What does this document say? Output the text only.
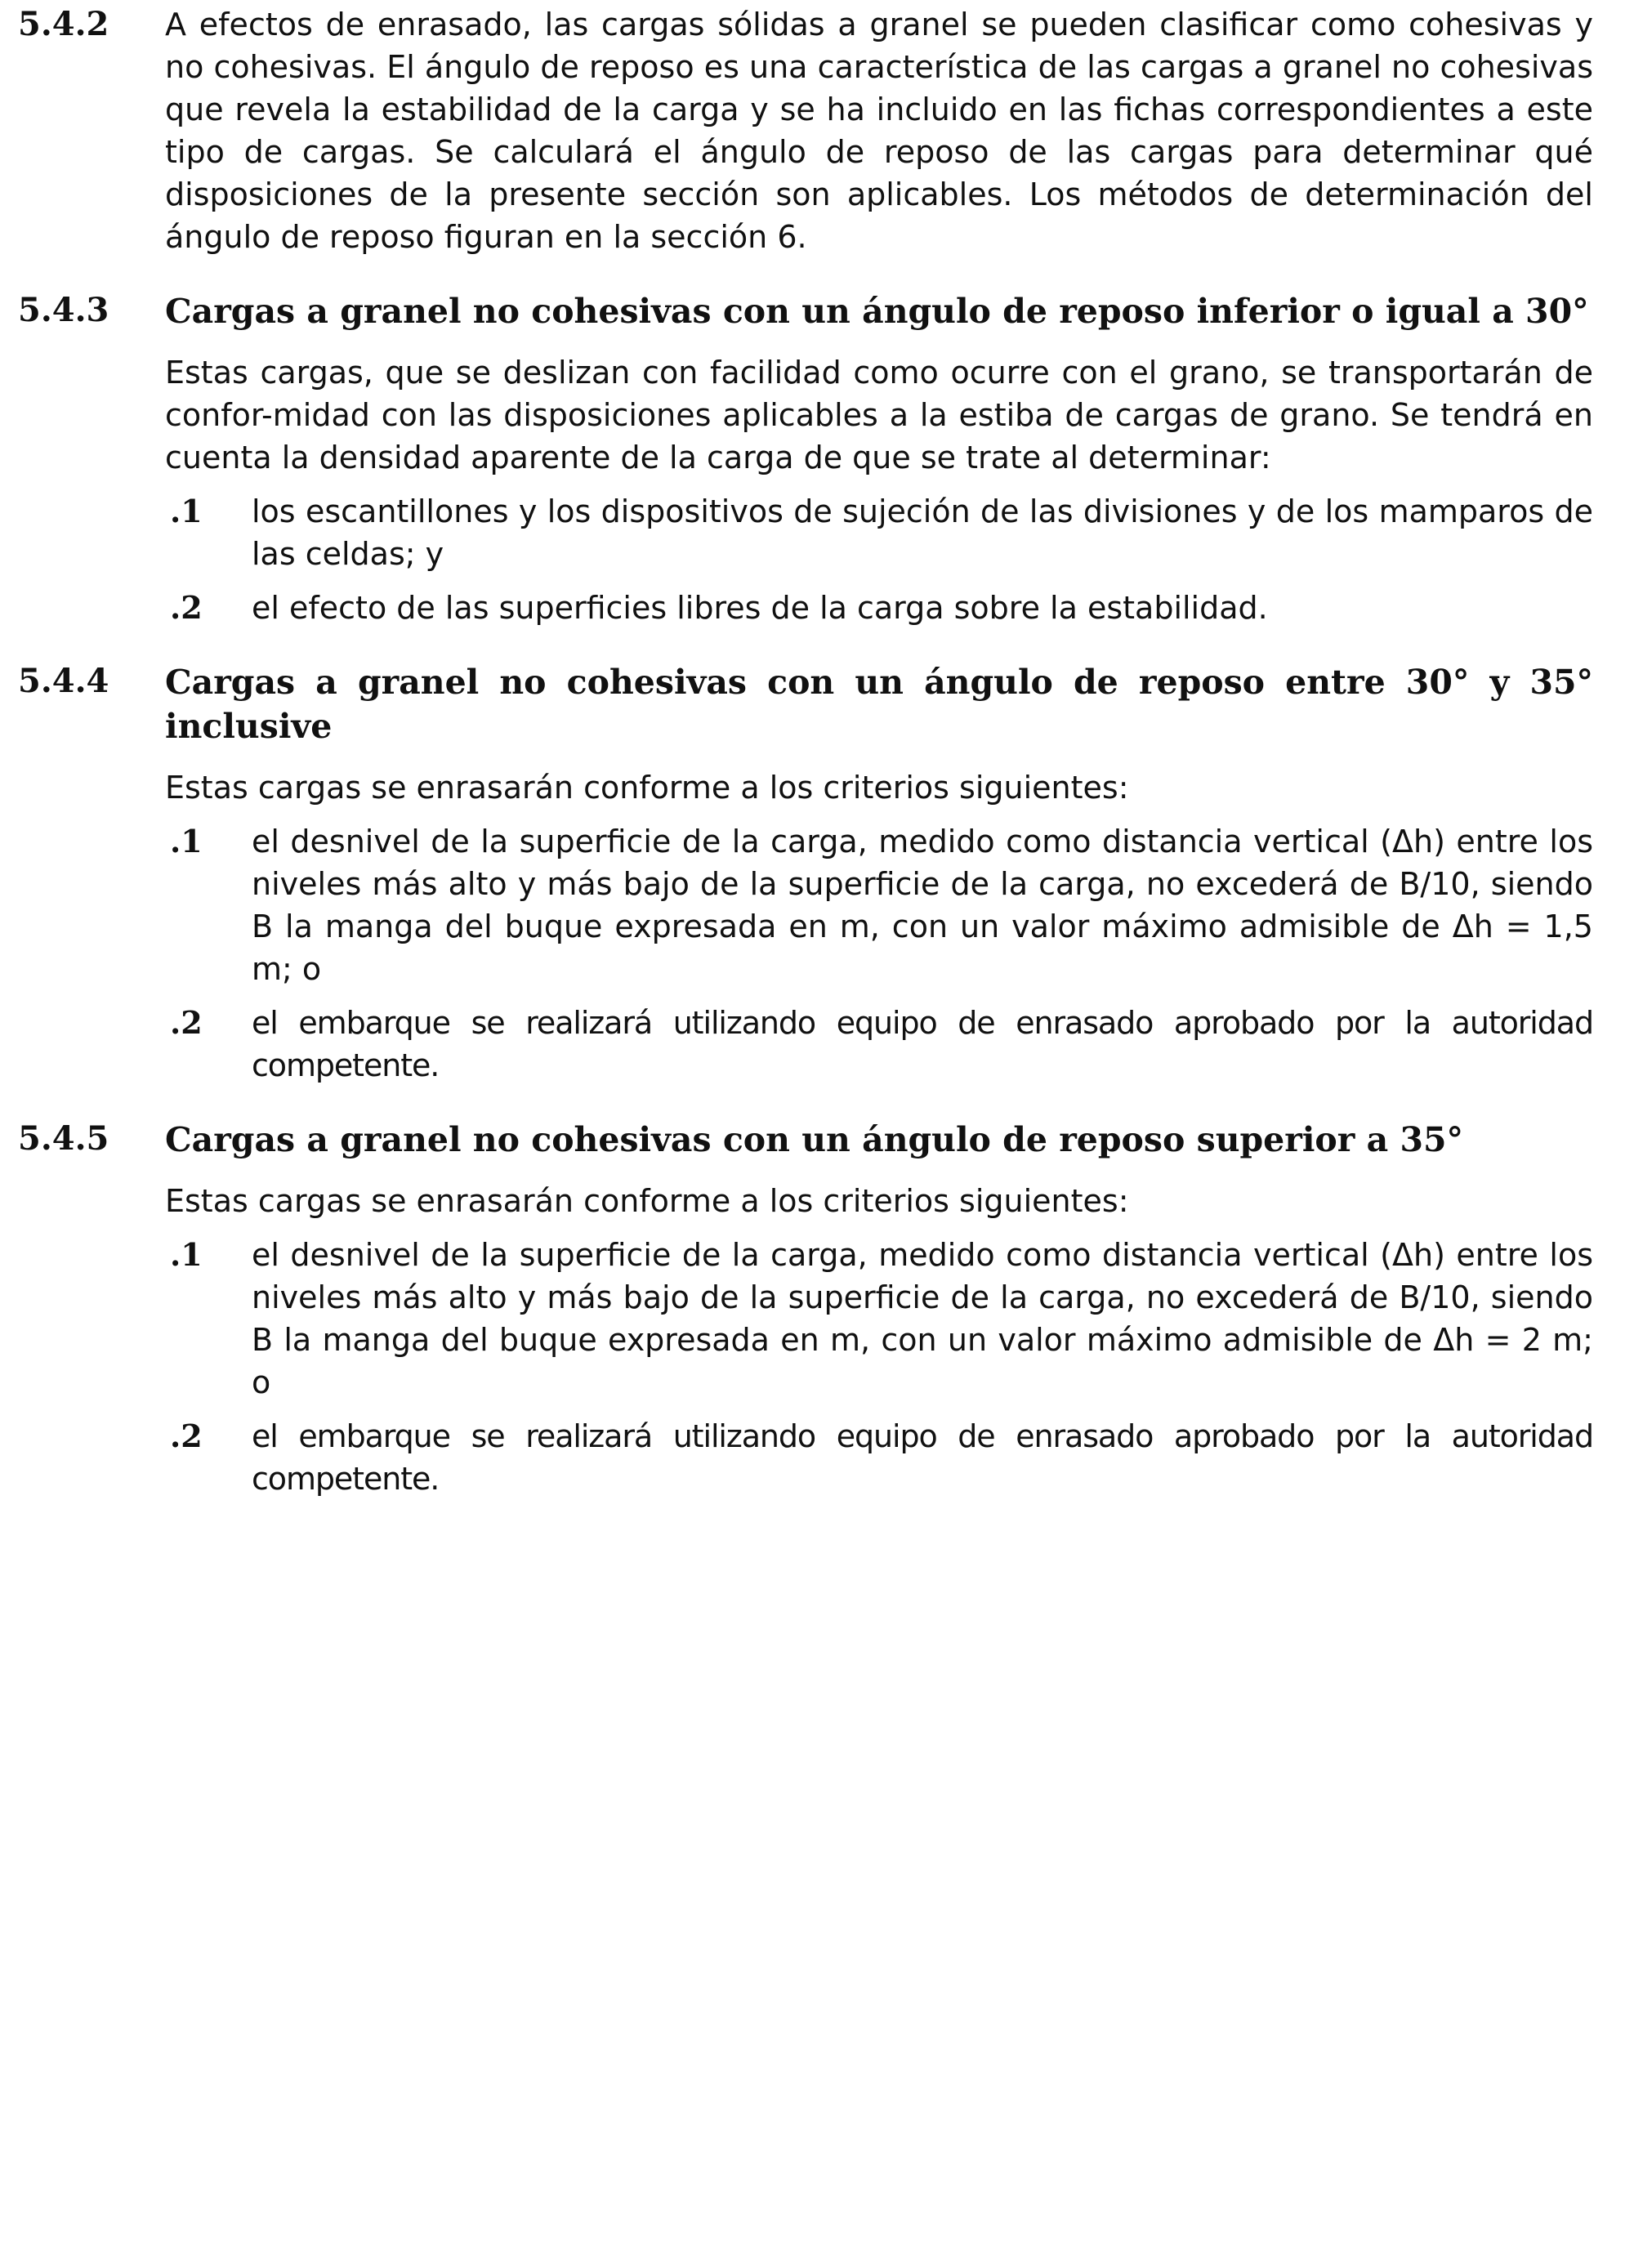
5.4.2 A efectos de enrasado, las cargas sólidas a granel se pueden clasificar como cohesivas y no cohesivas. El ángulo de reposo es una característica de las cargas a granel no cohesivas que revela la estabilidad de la carga y se ha incluido en las fichas correspondientes a este tipo de cargas. Se calculará el ángulo de reposo de las cargas para determinar qué disposiciones de la presente sección son aplicables. Los métodos de determinación del ángulo de reposo figuran en la sección 6.

5.4.3 Cargas a granel no cohesivas con un ángulo de reposo inferior o igual a 30°

Estas cargas, que se deslizan con facilidad como ocurre con el grano, se transportarán de confor-midad con las disposiciones aplicables a la estiba de cargas de grano. Se tendrá en cuenta la densidad aparente de la carga de que se trate al determinar:

.1 los escantillones y los dispositivos de sujeción de las divisiones y de los mamparos de las celdas; y

.2 el efecto de las superficies libres de la carga sobre la estabilidad.

5.4.4 Cargas a granel no cohesivas con un ángulo de reposo entre 30° y 35° inclusive

Estas cargas se enrasarán conforme a los criterios siguientes:

.1 el desnivel de la superficie de la carga, medido como distancia vertical (Δh) entre los niveles más alto y más bajo de la superficie de la carga, no excederá de B/10, siendo B la manga del buque expresada en m, con un valor máximo admisible de Δh = 1,5 m; o

.2 el embarque se realizará utilizando equipo de enrasado aprobado por la autoridad competente.

5.4.5 Cargas a granel no cohesivas con un ángulo de reposo superior a 35°

Estas cargas se enrasarán conforme a los criterios siguientes:

.1 el desnivel de la superficie de la carga, medido como distancia vertical (Δh) entre los niveles más alto y más bajo de la superficie de la carga, no excederá de B/10, siendo B la manga del buque expresada en m, con un valor máximo admisible de Δh = 2 m; o

.2 el embarque se realizará utilizando equipo de enrasado aprobado por la autoridad competente.
